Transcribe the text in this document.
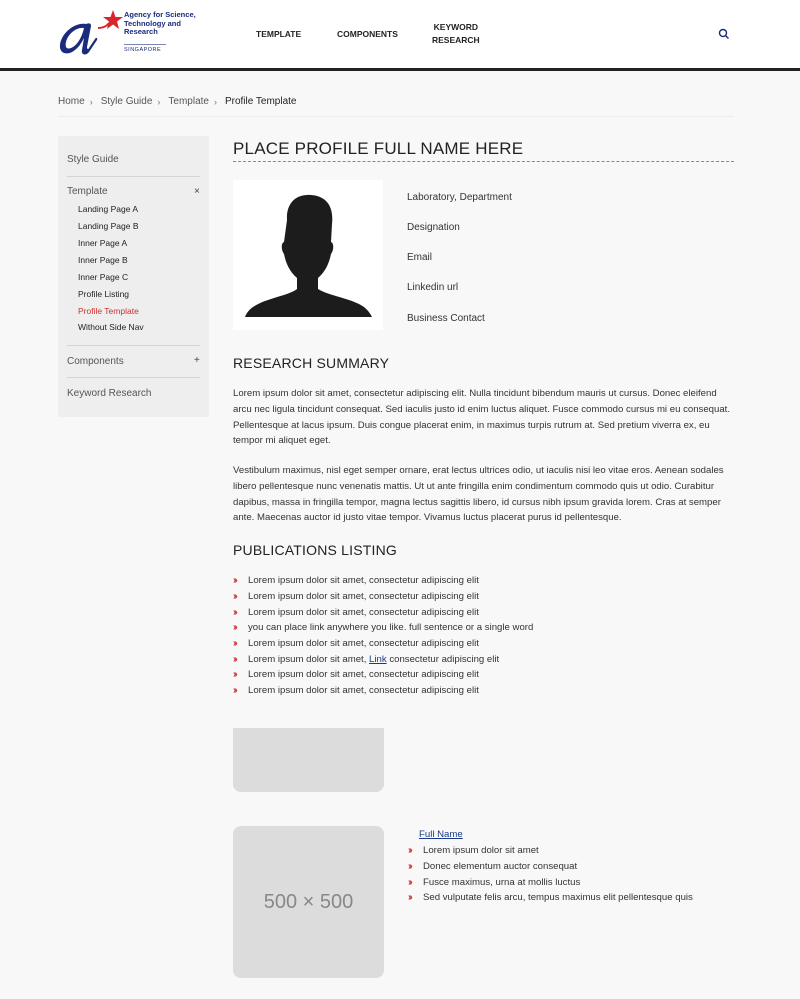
Agency for Science, Technology and Research
SINGAPORE
TEMPLATE	COMPONENTS
KEYWORD RESEARCH
Home › Style Guide › Template › Profile Template
Style Guide
Template	×
Landing Page A
Landing Page B
Inner Page A
Inner Page B
Inner Page C
Profile Listing
Profile Template
Without Side Nav
Components	+
Keyword Research
PLACE PROFILE FULL NAME HERE
Laboratory, Department
Designation
Email
Linkedin url
Business Contact
RESEARCH SUMMARY

Lorem ipsum dolor sit amet, consectetur adipiscing elit. Nulla tincidunt bibendum mauris ut cursus. Donec eleifend arcu nec ligula tincidunt consequat. Sed iaculis justo id enim luctus aliquet. Fusce commodo cursus mi eu consequat. Pellentesque at lacus ipsum. Duis congue placerat enim, in maximus turpis rutrum at. Sed pretium viverra ex, eu tempor mi aliquet eget.

Vestibulum maximus, nisl eget semper ornare, erat lectus ultrices odio, ut iaculis nisi leo vitae eros. Aenean sodales libero pellentesque nunc venenatis mattis. Ut ut ante fringilla enim condimentum commodo quis ut odio. Curabitur dapibus, massa in fringilla tempor, magna lectus sagittis libero, id cursus nibh ipsum gravida lorem. Cras at semper ante. Maecenas auctor id justo vitae tempor. Vivamus luctus placerat purus id pellentesque.

PUBLICATIONS LISTING
››	Lorem ipsum dolor sit amet, consectetur adipiscing elit
››	Lorem ipsum dolor sit amet, consectetur adipiscing elit
››	Lorem ipsum dolor sit amet, consectetur adipiscing elit
››	you can place link anywhere you like. full sentence or a single word
››	Lorem ipsum dolor sit amet, consectetur adipiscing elit
››	Lorem ipsum dolor sit amet, Link consectetur adipiscing elit
››	Lorem ipsum dolor sit amet, consectetur adipiscing elit
››	Lorem ipsum dolor sit amet, consectetur adipiscing elit
500 × 500
Full Name
››	Lorem ipsum dolor sit amet
››	Donec elementum auctor consequat
››	Fusce maximus, urna at mollis luctus
››	Sed vulputate felis arcu, tempus maximus elit pellentesque quis
